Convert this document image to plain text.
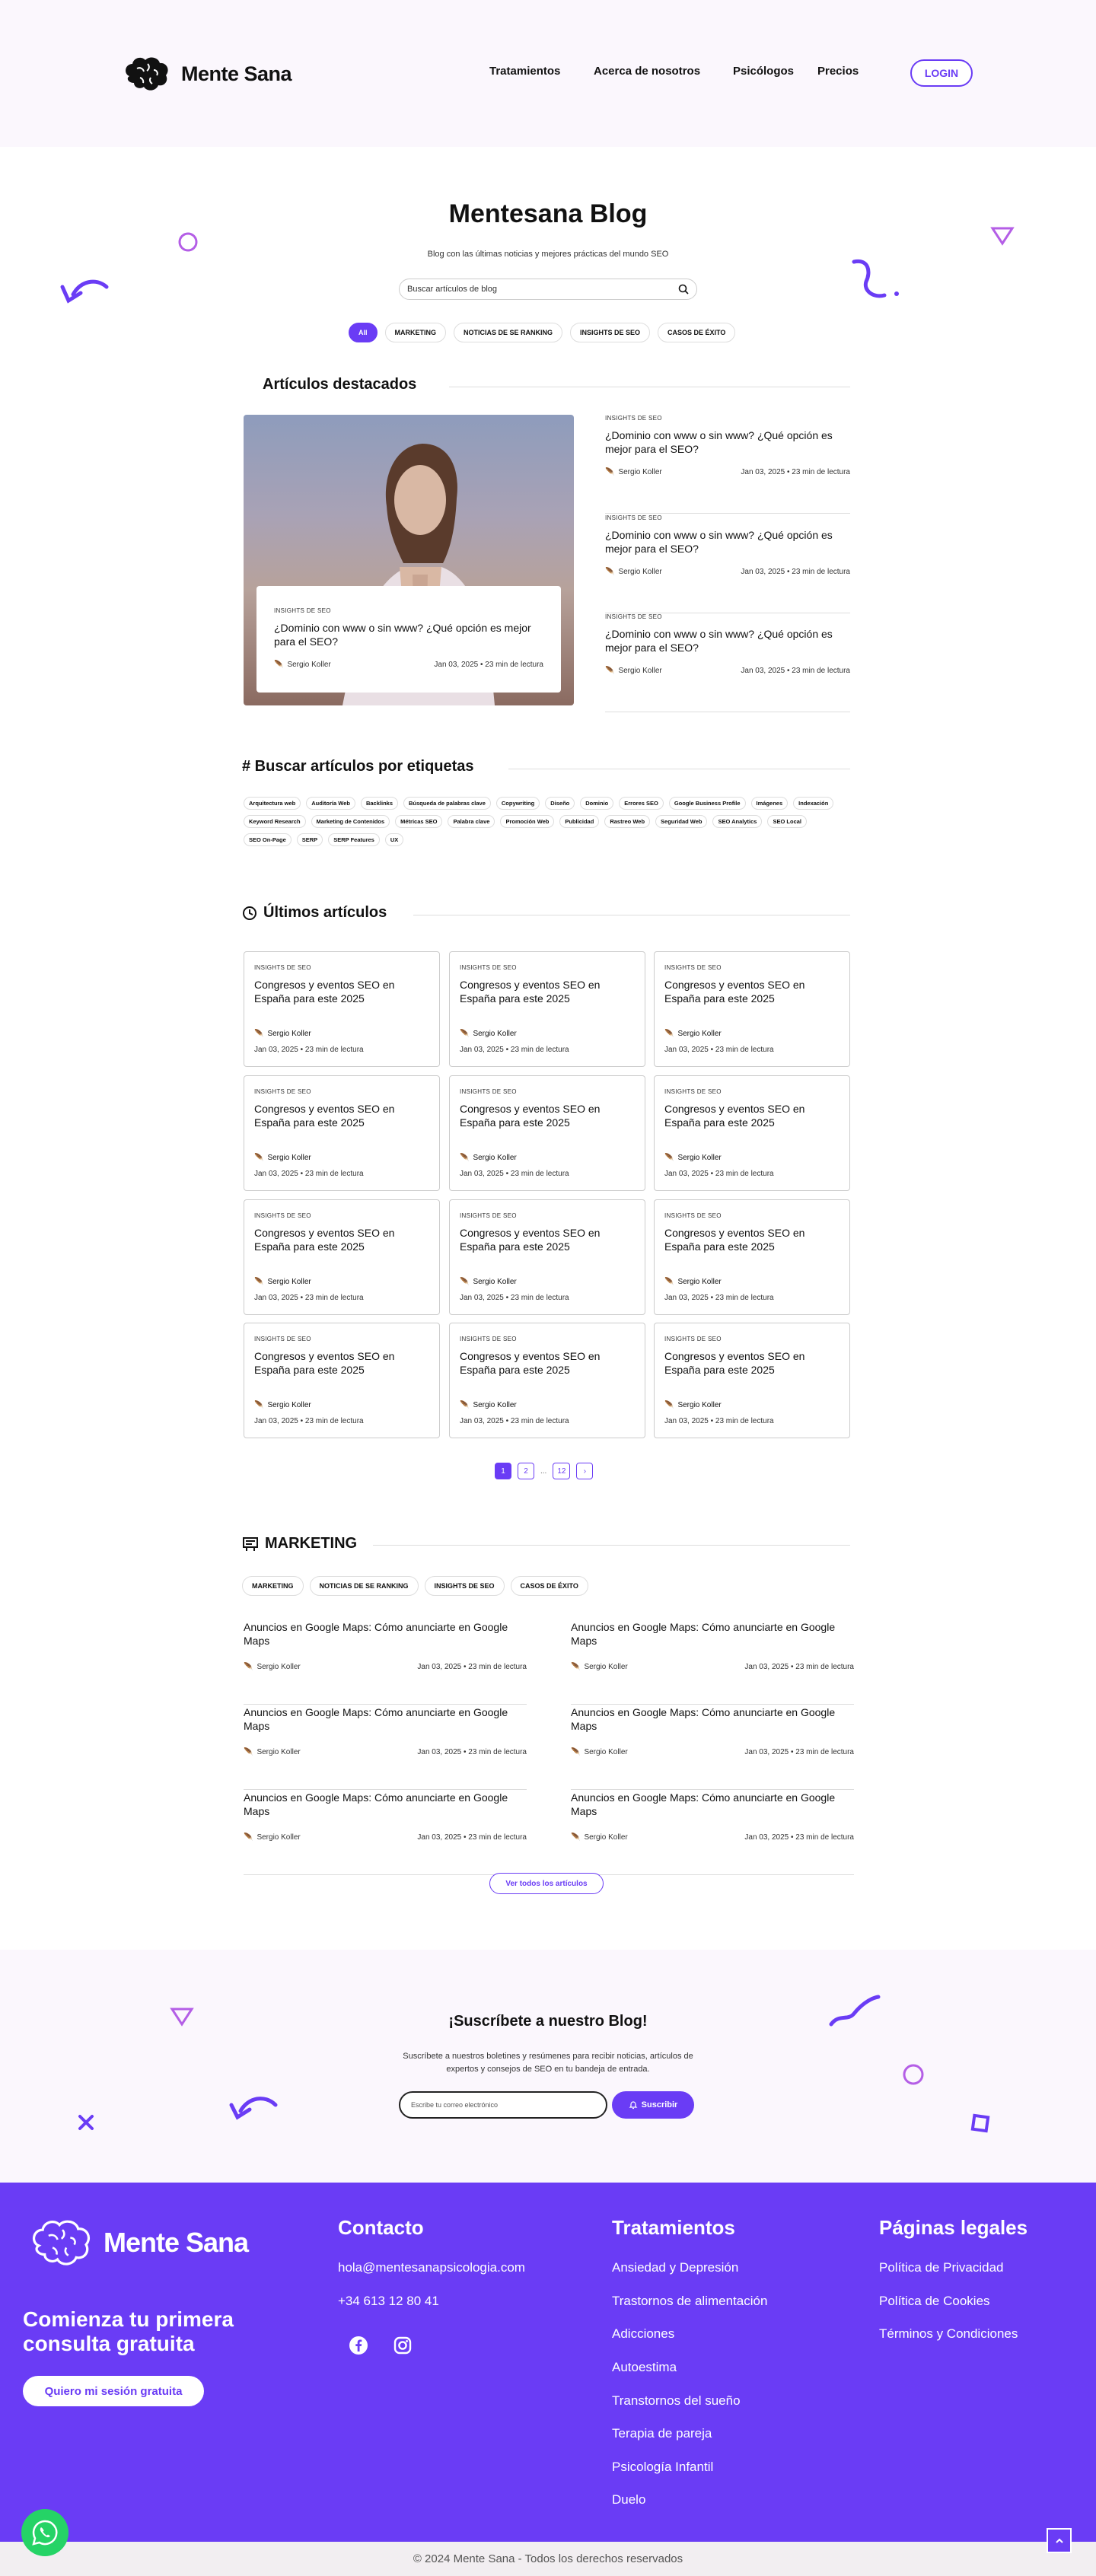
Mente Sana	Tratamientos	Acerca de nosotros	Psicólogos Precios	LOGIN
Mentesana Blog
Blog con las últimas noticias y mejores prácticas del mundo SEO
Buscar artículos de blog
All	MARKETING	NOTICIAS DE SE RANKING	INSIGHTS DE SEO	CASOS DE ÉXITO
Artículos destacados
INSIGHTS DE SEO
¿Dominio con www o sin www? ¿Qué opción es mejor para el SEO?
🪶 Sergio Koller	Jan 03, 2025 • 23 min de lectura
INSIGHTS DE SEO
¿Dominio con www o sin www? ¿Qué opción es mejor para el SEO?
🪶 Sergio Koller	Jan 03, 2025 • 23 min de lectura
INSIGHTS DE SEO
¿Dominio con www o sin www? ¿Qué opción es mejor para el SEO?
🪶 Sergio Koller	Jan 03, 2025 • 23 min de lectura
INSIGHTS DE SEO
¿Dominio con www o sin www? ¿Qué opción es mejor para el SEO?
🪶 Sergio Koller	Jan 03, 2025 • 23 min de lectura
# Buscar artículos por etiquetas
Arquitectura web	Auditoría Web	Backlinks	Búsqueda de palabras clave	Copywriting	Diseño	Dominio	Errores SEO	Google Business Profile	Imágenes	Indexación
Keyword Research	Marketing de Contenidos	Métricas SEO	Palabra clave	Promoción Web	Publicidad	Rastreo Web	Seguridad Web	SEO Analytics	SEO Local
SEO On-Page	SERP	SERP Features	UX
Últimos artículos
INSIGHTS DE SEO
Congresos y eventos SEO en España para este 2025
🪶 Sergio Koller
Jan 03, 2025 • 23 min de lectura
INSIGHTS DE SEO
Congresos y eventos SEO en España para este 2025
🪶 Sergio Koller
Jan 03, 2025 • 23 min de lectura
INSIGHTS DE SEO
Congresos y eventos SEO en España para este 2025
🪶 Sergio Koller
Jan 03, 2025 • 23 min de lectura
INSIGHTS DE SEO
Congresos y eventos SEO en España para este 2025
🪶 Sergio Koller
Jan 03, 2025 • 23 min de lectura
INSIGHTS DE SEO
Congresos y eventos SEO en España para este 2025
🪶 Sergio Koller
Jan 03, 2025 • 23 min de lectura
INSIGHTS DE SEO
Congresos y eventos SEO en España para este 2025
🪶 Sergio Koller
Jan 03, 2025 • 23 min de lectura
INSIGHTS DE SEO
Congresos y eventos SEO en España para este 2025
🪶 Sergio Koller
Jan 03, 2025 • 23 min de lectura
INSIGHTS DE SEO
Congresos y eventos SEO en España para este 2025
🪶 Sergio Koller
Jan 03, 2025 • 23 min de lectura
INSIGHTS DE SEO
Congresos y eventos SEO en España para este 2025
🪶 Sergio Koller
Jan 03, 2025 • 23 min de lectura
INSIGHTS DE SEO
Congresos y eventos SEO en España para este 2025
🪶 Sergio Koller
Jan 03, 2025 • 23 min de lectura
INSIGHTS DE SEO
Congresos y eventos SEO en España para este 2025
🪶 Sergio Koller
Jan 03, 2025 • 23 min de lectura
INSIGHTS DE SEO
Congresos y eventos SEO en España para este 2025
🪶 Sergio Koller
Jan 03, 2025 • 23 min de lectura
1	2	...	12	›
MARKETING
MARKETING	NOTICIAS DE SE RANKING	INSIGHTS DE SEO	CASOS DE ÉXITO
Anuncios en Google Maps: Cómo anunciarte en Google Maps
🪶 Sergio Koller	Jan 03, 2025 • 23 min de lectura
Anuncios en Google Maps: Cómo anunciarte en Google Maps
🪶 Sergio Koller	Jan 03, 2025 • 23 min de lectura
Anuncios en Google Maps: Cómo anunciarte en Google Maps
🪶 Sergio Koller	Jan 03, 2025 • 23 min de lectura
Anuncios en Google Maps: Cómo anunciarte en Google Maps
🪶 Sergio Koller	Jan 03, 2025 • 23 min de lectura
Anuncios en Google Maps: Cómo anunciarte en Google Maps
🪶 Sergio Koller	Jan 03, 2025 • 23 min de lectura
Anuncios en Google Maps: Cómo anunciarte en Google Maps
🪶 Sergio Koller	Jan 03, 2025 • 23 min de lectura
Ver todos los artículos
¡Suscríbete a nuestro Blog!
Suscríbete a nuestros boletines y resúmenes para recibir noticias, artículos de expertos y consejos de SEO en tu bandeja de entrada.
Escribe tu correo electrónico	Suscribir
Mente Sana	Contacto
hola@mentesanapsicologia.com
+34 613 12 80 41
Tratamientos
Ansiedad y Depresión
Trastornos de alimentación
Adicciones
Autoestima
Transtornos del sueño
Terapia de pareja
Psicología Infantil
Duelo
Páginas legales
Política de Privacidad
Política de Cookies
Términos y Condiciones
Comienza tu primera consulta gratuita
Quiero mi sesión gratuita
© 2024 Mente Sana - Todos los derechos reservados
